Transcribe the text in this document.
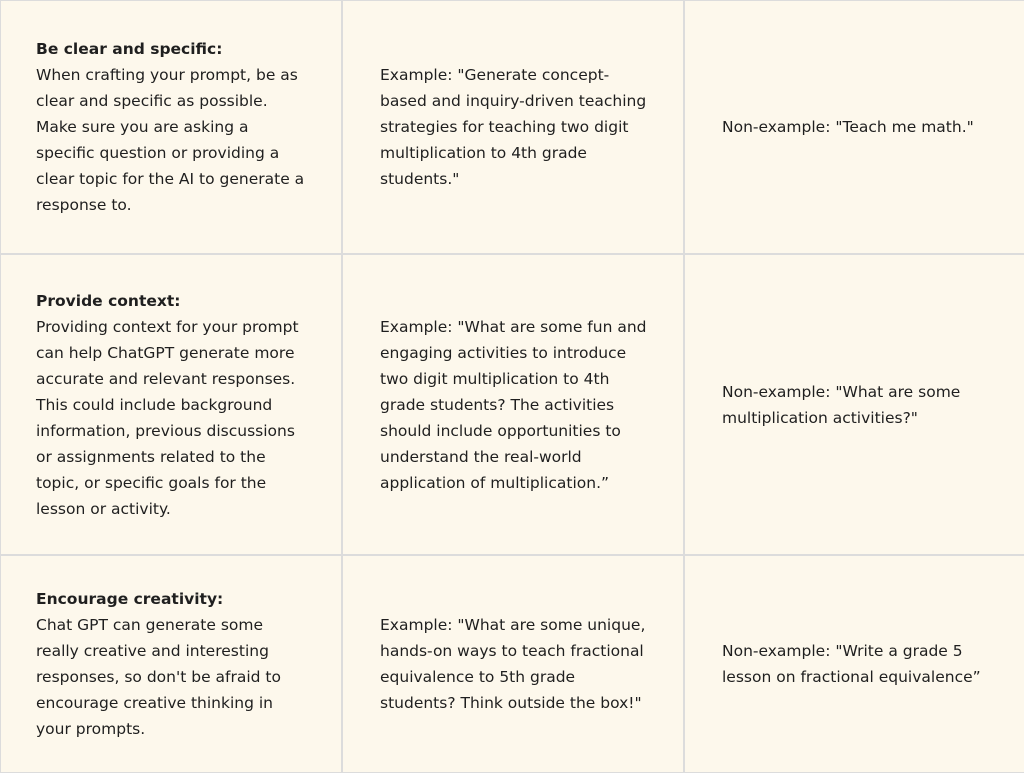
Be clear and specific:
When crafting your prompt, be as clear and specific as possible. Make sure you are asking a specific question or providing a clear topic for the AI to generate a response to.
Example: "Generate concept-based and inquiry-driven teaching strategies for teaching two digit multiplication to 4th grade students."
Non-example: "Teach me math."
Provide context:
Providing context for your prompt can help ChatGPT generate more accurate and relevant responses. This could include background information, previous discussions or assignments related to the topic, or specific goals for the lesson or activity.
Example: "What are some fun and engaging activities to introduce two digit multiplication to 4th grade students? The activities should include opportunities to understand the real-world application of multiplication.”
Non-example: "What are some multiplication activities?"
Encourage creativity:
Chat GPT can generate some really creative and interesting responses, so don't be afraid to encourage creative thinking in your prompts.
Example: "What are some unique, hands-on ways to teach fractional equivalence to 5th grade students? Think outside the box!"
Non-example: "Write a grade 5 lesson on fractional equivalence”
